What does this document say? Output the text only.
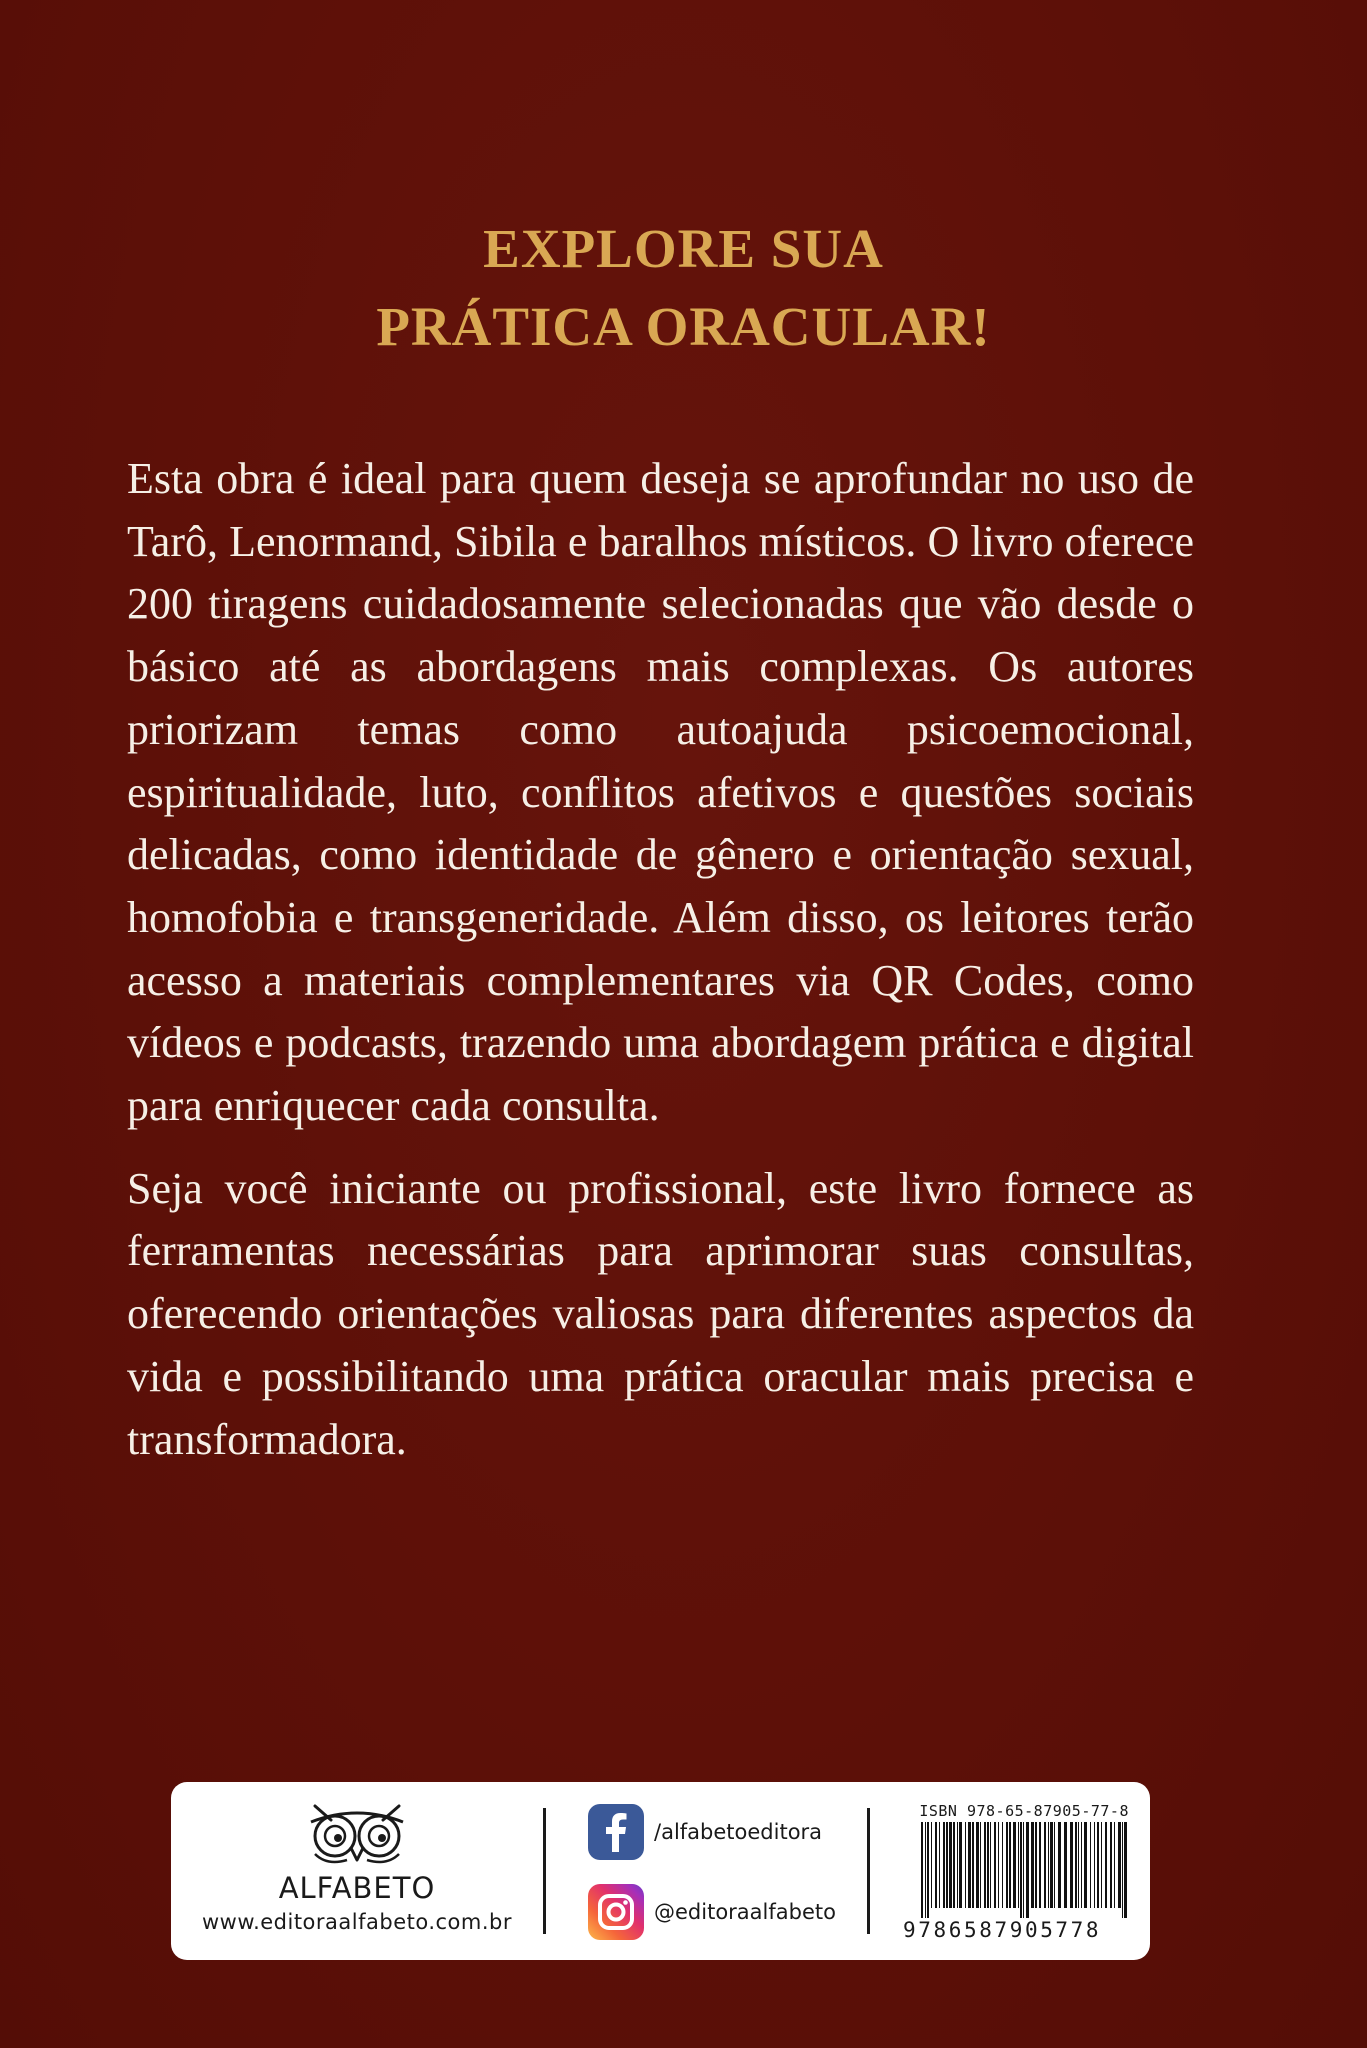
EXPLORE SUA
PRÁTICA ORACULAR!

Esta obra é ideal para quem deseja se aprofundar no uso de Tarô, Lenormand, Sibila e baralhos místicos. O livro oferece 200 tiragens cuidadosamente selecionadas que vão desde o básico até as abordagens mais complexas. Os autores priorizam temas como autoajuda psicoemocional, espiritualidade, luto, conflitos afetivos e questões sociais delicadas, como identidade de gênero e orientação sexual, homofobia e transgeneridade. Além disso, os leitores terão acesso a materiais complementares via QR Codes, como vídeos e podcasts, trazendo uma abordagem prática e digital para enriquecer cada consulta.

Seja você iniciante ou profissional, este livro fornece as ferramentas necessárias para aprimorar suas consultas, oferecendo orientações valiosas para diferentes aspectos da vida e possibilitando uma prática oracular mais precisa e transformadora.

ALFABETO
www.editoraalfabeto.com.br
/alfabetoeditora
@editoraalfabeto
ISBN 978-65-87905-77-8
9786587905778
